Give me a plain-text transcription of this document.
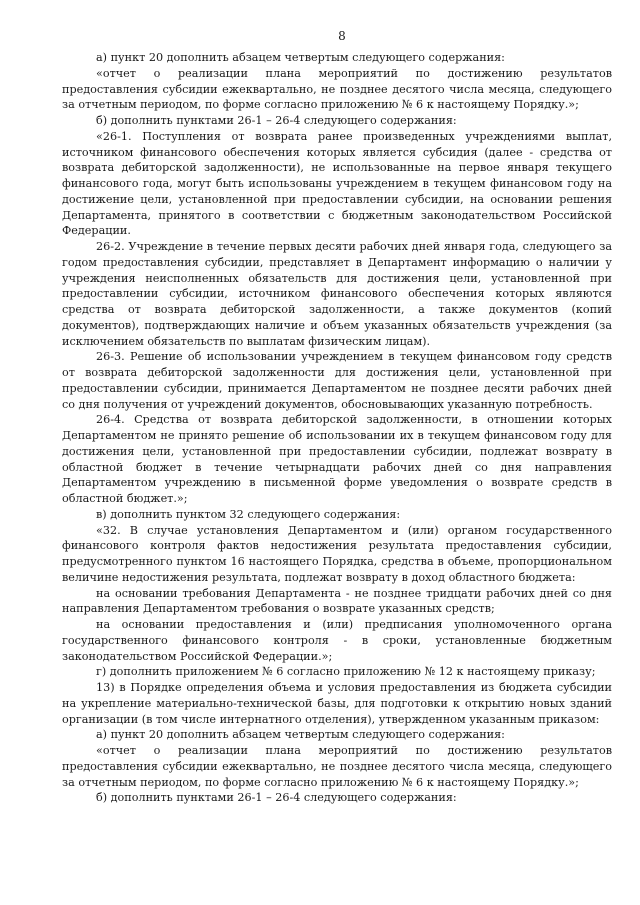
8

а) пункт 20 дополнить абзацем четвертым следующего содержания:

«отчет о реализации плана мероприятий по достижению результатов предоставления субсидии ежеквартально, не позднее десятого числа месяца, следующего за отчетным периодом, по форме согласно приложению № 6 к настоящему Порядку.»;

б) дополнить пунктами 26-1 – 26-4 следующего содержания:

«26-1. Поступления от возврата ранее произведенных учреждениями выплат, источником финансового обеспечения которых является субсидия (далее - средства от возврата дебиторской задолженности), не использованные на первое января текущего финансового года, могут быть использованы учреждением в текущем финансовом году на достижение цели, установленной при предоставлении субсидии, на основании решения Департамента, принятого в соответствии с бюджетным законодательством Российской Федерации.

26-2. Учреждение в течение первых десяти рабочих дней января года, следующего за годом предоставления субсидии, представляет в Департамент информацию о наличии у учреждения неисполненных обязательств для достижения цели, установленной при предоставлении субсидии, источником финансового обеспечения которых являются средства от возврата дебиторской задолженности, а также документов (копий документов), подтверждающих наличие и объем указанных обязательств учреждения (за исключением обязательств по выплатам физическим лицам).

26-3. Решение об использовании учреждением в текущем финансовом году средств от возврата дебиторской задолженности для достижения цели, установленной при предоставлении субсидии, принимается Департаментом не позднее десяти рабочих дней со дня получения от учреждений документов, обосновывающих указанную потребность.

26-4. Средства от возврата дебиторской задолженности, в отношении которых Департаментом не принято решение об использовании их в текущем финансовом году для достижения цели, установленной при предоставлении субсидии, подлежат возврату в областной бюджет в течение четырнадцати рабочих дней со дня направления Департаментом учреждению в письменной форме уведомления о возврате средств в областной бюджет.»;

в) дополнить пунктом 32 следующего содержания:

«32. В случае установления Департаментом и (или) органом государственного финансового контроля фактов недостижения результата предоставления субсидии, предусмотренного пунктом 16 настоящего Порядка, средства в объеме, пропорциональном величине недостижения результата, подлежат возврату в доход областного бюджета:

на основании требования Департамента - не позднее тридцати рабочих дней со дня направления Департаментом требования о возврате указанных средств;

на основании предоставления и (или) предписания уполномоченного органа государственного финансового контроля - в сроки, установленные бюджетным законодательством Российской Федерации.»;

г) дополнить приложением № 6 согласно приложению № 12 к настоящему приказу;

13) в Порядке определения объема и условия предоставления из бюджета субсидии на укрепление материально-технической базы, для подготовки к открытию новых зданий организации (в том числе интернатного отделения), утвержденном указанным приказом:

а) пункт 20 дополнить абзацем четвертым следующего содержания:

«отчет о реализации плана мероприятий по достижению результатов предоставления субсидии ежеквартально, не позднее десятого числа месяца, следующего за отчетным периодом, по форме согласно приложению № 6 к настоящему Порядку.»;

б) дополнить пунктами 26-1 – 26-4 следующего содержания:
